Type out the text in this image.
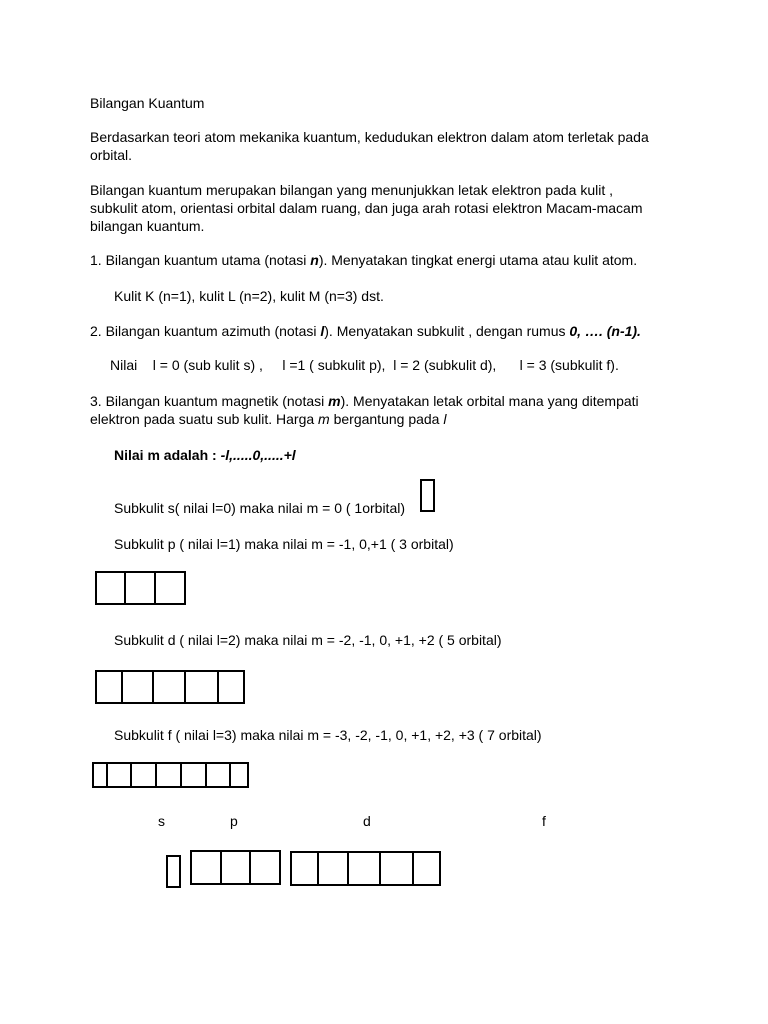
Bilangan Kuantum
Berdasarkan teori atom mekanika kuantum, kedudukan elektron dalam atom terletak pada
orbital.
Bilangan kuantum merupakan bilangan yang menunjukkan letak elektron pada kulit ,
subkulit atom, orientasi orbital dalam ruang, dan juga arah rotasi elektron Macam-macam
bilangan kuantum.
1. Bilangan kuantum utama (notasi n). Menyatakan tingkat energi utama atau kulit atom.
Kulit K (n=1), kulit L (n=2), kulit M (n=3) dst.
2. Bilangan kuantum azimuth (notasi l). Menyatakan subkulit , dengan rumus 0, …. (n-1).
Nilai    l = 0 (sub kulit s) ,     l =1 ( subkulit p),  l = 2 (subkulit d),      l = 3 (subkulit f).
3. Bilangan kuantum magnetik (notasi m). Menyatakan letak orbital mana yang ditempati
elektron pada suatu sub kulit. Harga m bergantung pada l
Nilai m adalah : -l,.....0,.....+l
Subkulit s( nilai l=0) maka nilai m = 0 ( 1orbital)
Subkulit p ( nilai l=1) maka nilai m = -1, 0,+1 ( 3 orbital)
Subkulit d ( nilai l=2) maka nilai m = -2, -1, 0, +1, +2 ( 5 orbital)
Subkulit f ( nilai l=3) maka nilai m = -3, -2, -1, 0, +1, +2, +3 ( 7 orbital)
s	p	d	f
